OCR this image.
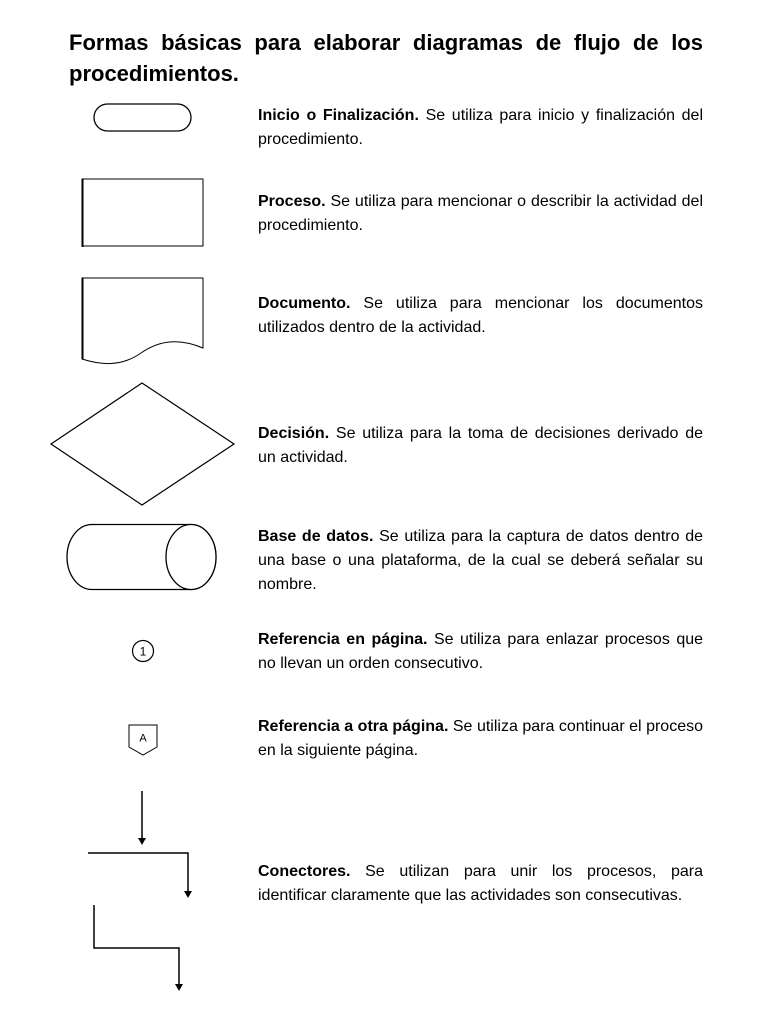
Formas básicas para elaborar diagramas de flujo de los procedimientos.

Inicio o Finalización. Se utiliza para inicio y finalización del procedimiento.

Proceso. Se utiliza para mencionar o describir la actividad del procedimiento.

Documento. Se utiliza para mencionar los documentos utilizados dentro de la actividad.

Decisión. Se utiliza para la toma de decisiones derivado de un actividad.

Base de datos. Se utiliza para la captura de datos dentro de una base o una plataforma, de la cual se deberá señalar su nombre.

1

Referencia en página. Se utiliza para enlazar procesos que no llevan un orden consecutivo.

A

Referencia a otra página. Se utiliza para continuar el proceso en la siguiente página.

Conectores. Se utilizan para unir los procesos, para identificar claramente que las actividades son consecutivas.
